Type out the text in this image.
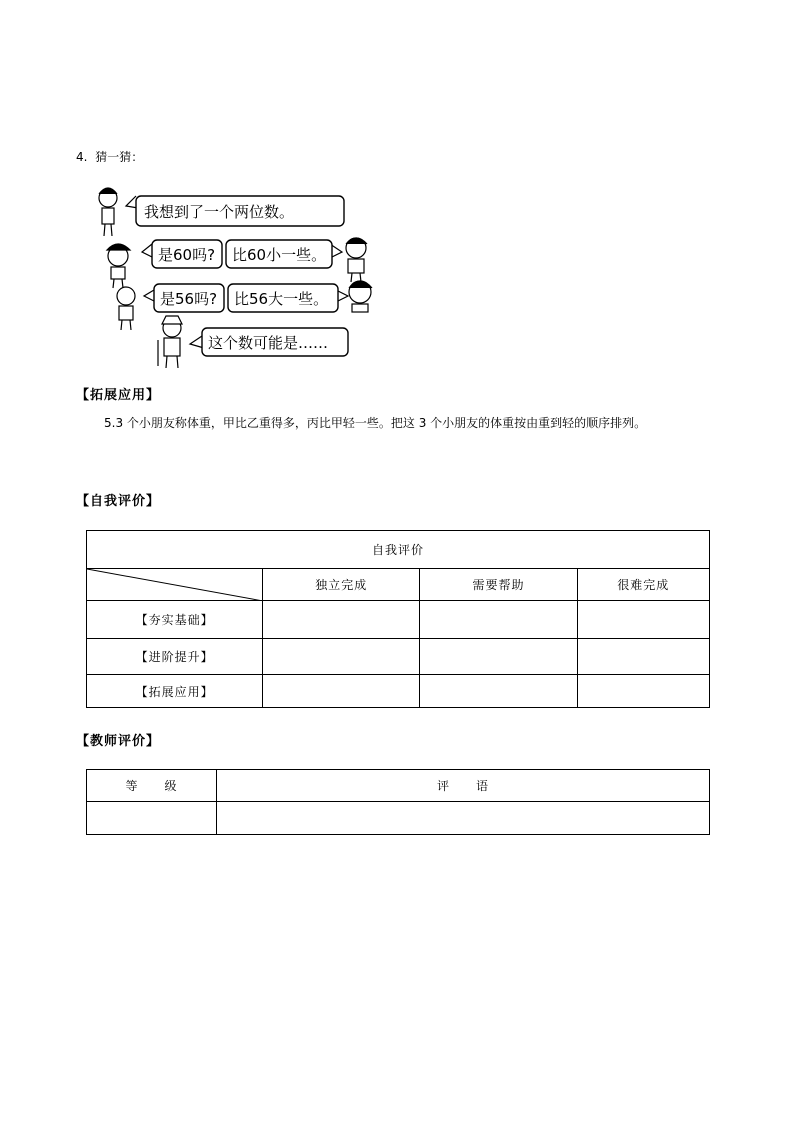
4. 猜一猜：
我想到了一个两位数。
是60吗? 比60小一些。
是56吗? 比56大一些。
这个数可能是……
【拓展应用】
5.3 个小朋友称体重，甲比乙重得多，丙比甲轻一些。把这 3 个小朋友的体重按由重到轻的顺序排列。
【自我评价】
自我评价			

	独立完成	需要帮助	很难完成
【夯实基础】			
【进阶提升】			
【拓展应用】			
【教师评价】
等　　级	评　　语
